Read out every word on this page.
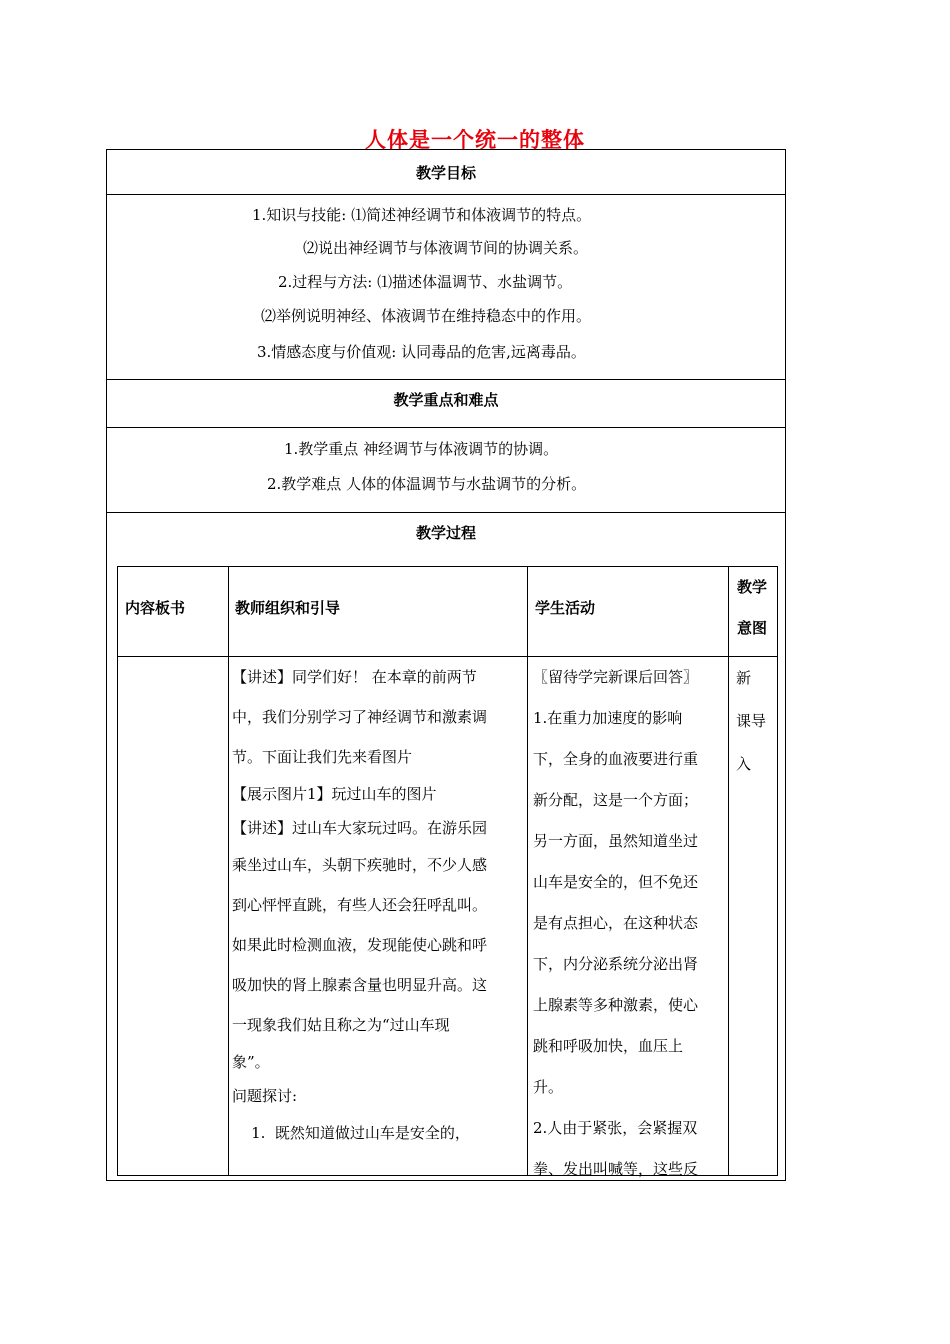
人体是一个统一的整体
教学目标
1.知识与技能: ⑴简述神经调节和体液调节的特点。
⑵说出神经调节与体液调节间的协调关系。
2.过程与方法: ⑴描述体温调节、水盐调节。
⑵举例说明神经、体液调节在维持稳态中的作用。
3.情感态度与价值观: 认同毒品的危害,远离毒品。
教学重点和难点
1.教学重点 神经调节与体液调节的协调。
2.教学难点 人体的体温调节与水盐调节的分析。
教学过程
内容板书	教师组织和引导	学生活动
教学
意图
【讲述】同学们好！ 在本章的前两节
中，我们分别学习了神经调节和激素调
节。下面让我们先来看图片
【展示图片1】玩过山车的图片
【讲述】过山车大家玩过吗。在游乐园
乘坐过山车，头朝下疾驰时，不少人感
到心怦怦直跳，有些人还会狂呼乱叫。
如果此时检测血液，发现能使心跳和呼
吸加快的肾上腺素含量也明显升高。这
一现象我们姑且称之为“过山车现
象”。
问题探讨:
1.  既然知道做过山车是安全的，
〖留待学完新课后回答〗
1.在重力加速度的影响
下，全身的血液要进行重
新分配，这是一个方面；
另一方面，虽然知道坐过
山车是安全的，但不免还
是有点担心，在这种状态
下，内分泌系统分泌出肾
上腺素等多种激素，使心
跳和呼吸加快，血压上
升。
2.人由于紧张，会紧握双
拳、发出叫喊等，这些反
新
课导
入
